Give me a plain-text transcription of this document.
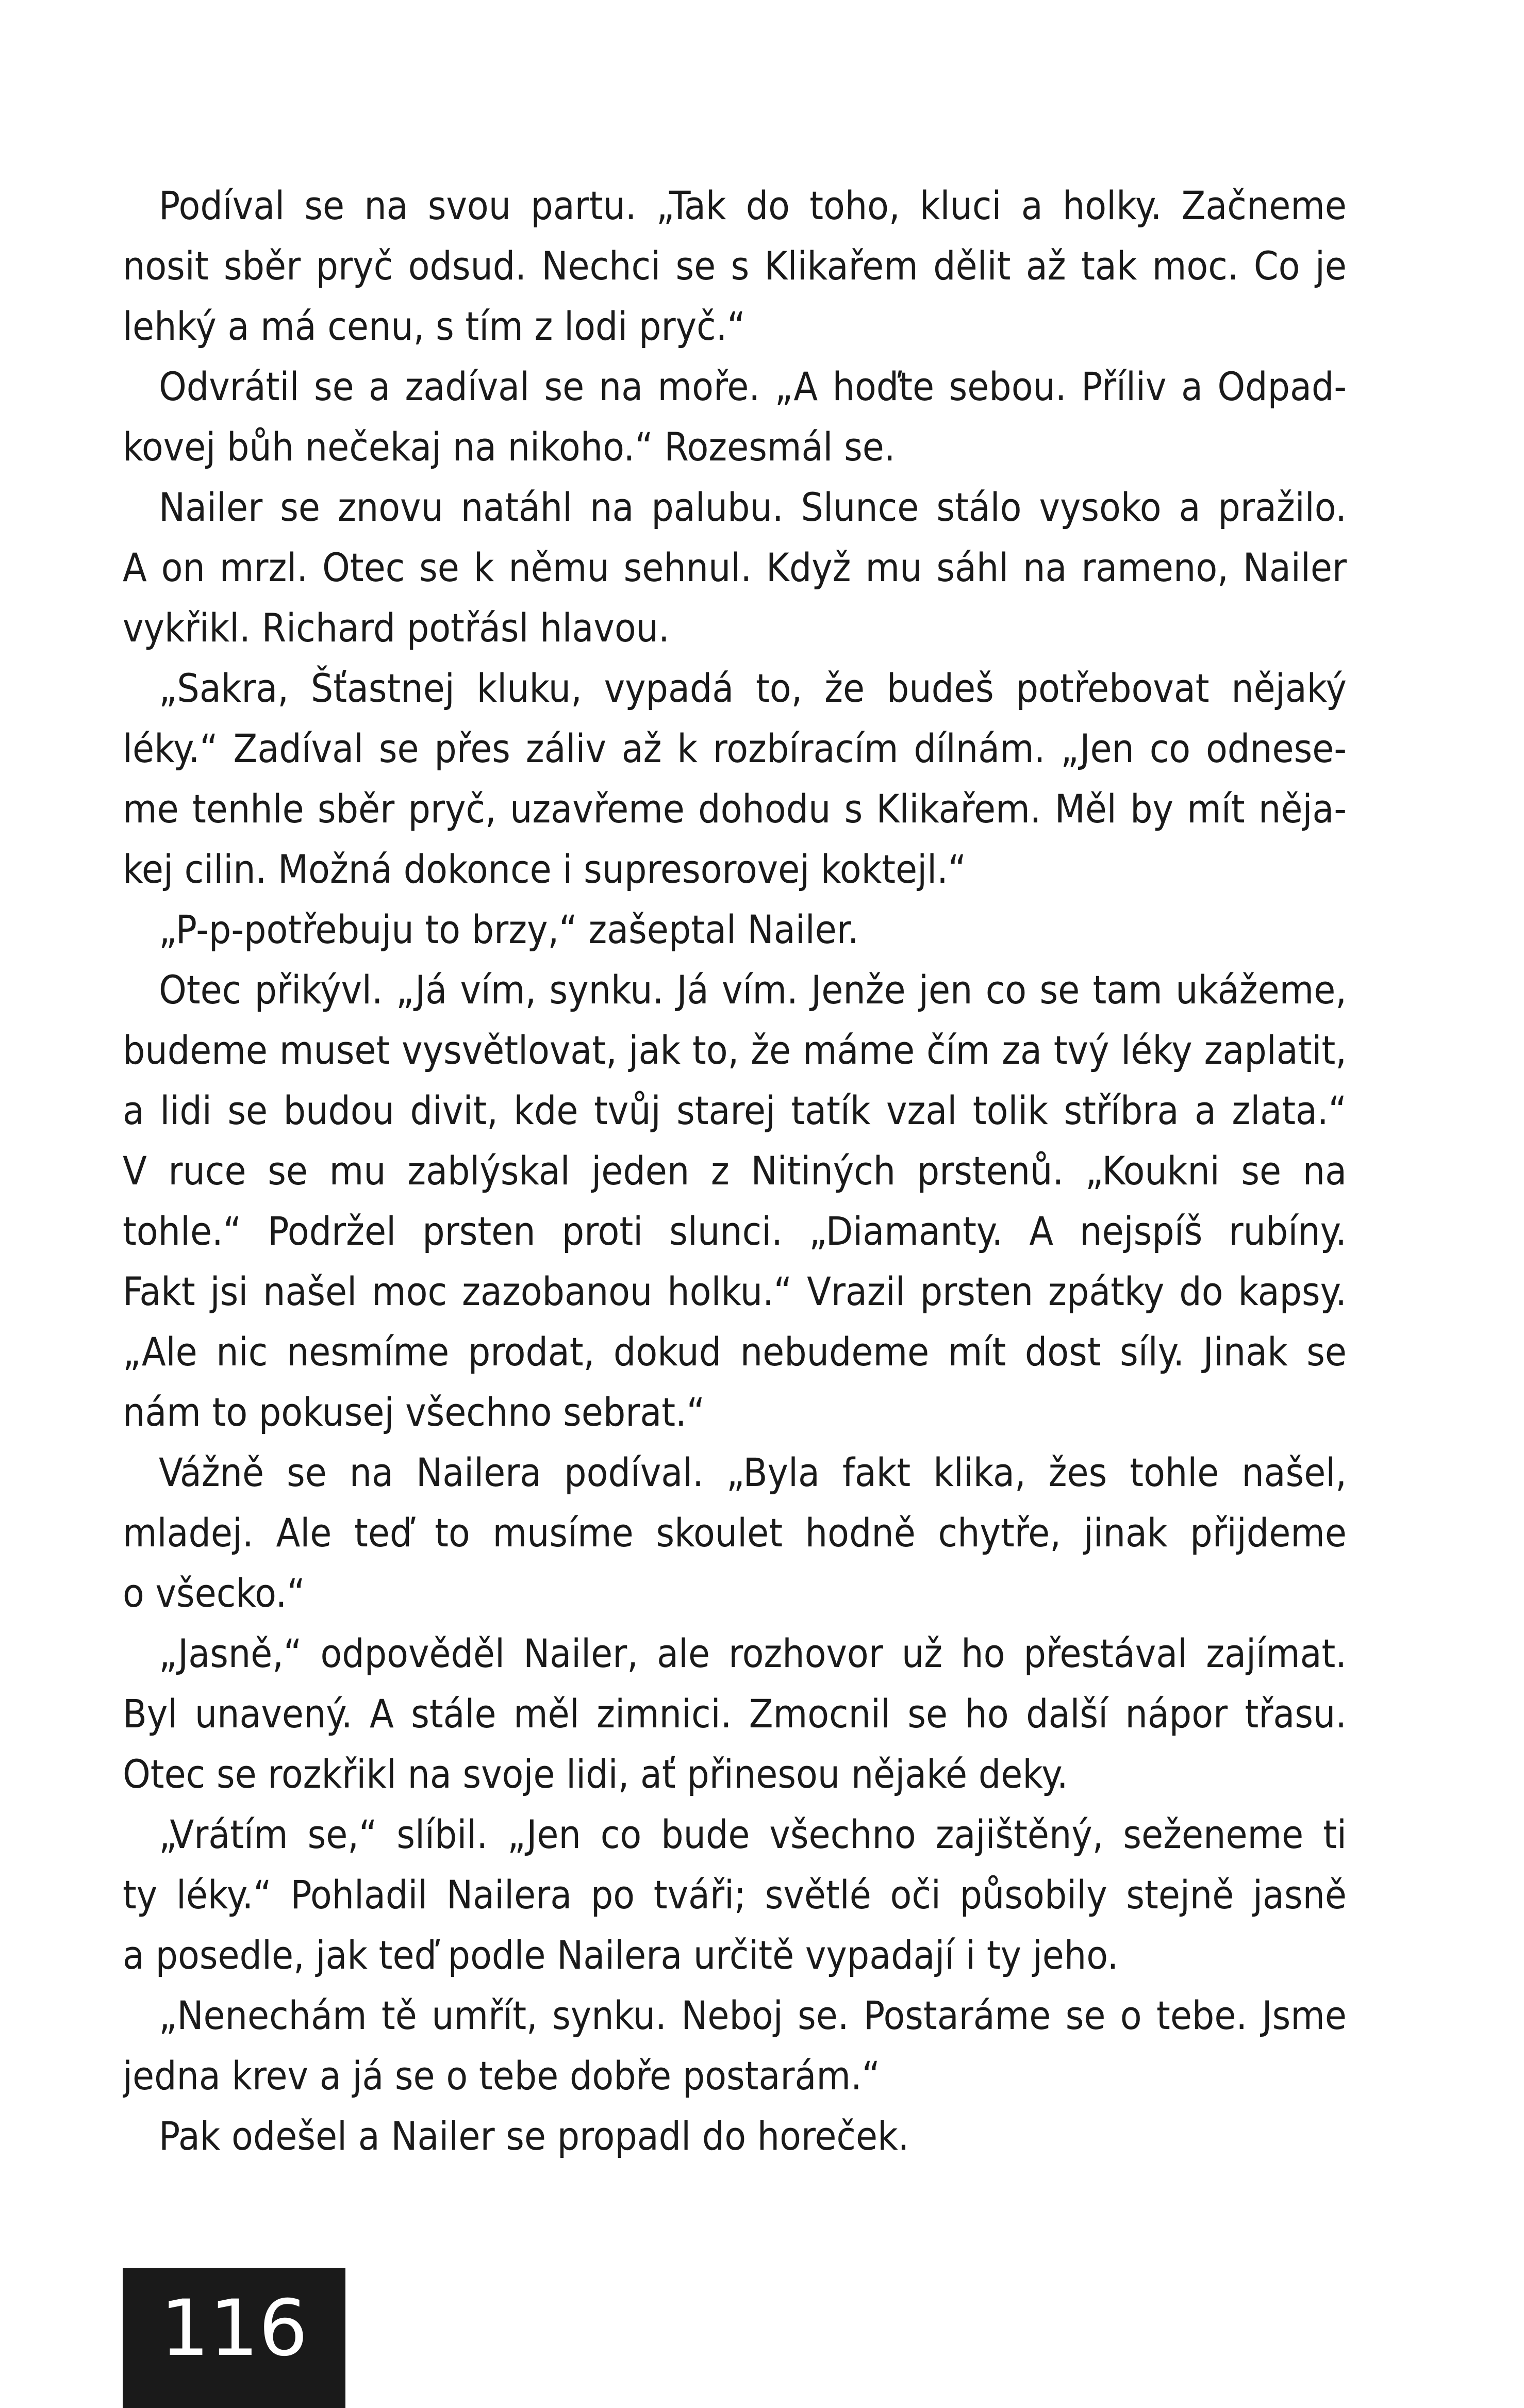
Podíval se na svou partu. „Tak do toho, kluci a holky. Začneme
nosit sběr pryč odsud. Nechci se s Klikařem dělit až tak moc. Co je
lehký a má cenu, s tím z lodi pryč.“
Odvrátil se a zadíval se na moře. „A hoďte sebou. Příliv a Odpad-
kovej bůh nečekaj na nikoho.“ Rozesmál se.
Nailer se znovu natáhl na palubu. Slunce stálo vysoko a pražilo.
A on mrzl. Otec se k němu sehnul. Když mu sáhl na rameno, Nailer
vykřikl. Richard potřásl hlavou.
„Sakra, Šťastnej kluku, vypadá to, že budeš potřebovat nějaký
léky.“ Zadíval se přes záliv až k rozbíracím dílnám. „Jen co odnese-
me tenhle sběr pryč, uzavřeme dohodu s Klikařem. Měl by mít něja-
kej cilin. Možná dokonce i supresorovej koktejl.“
„P-p-potřebuju to brzy,“ zašeptal Nailer.
Otec přikývl. „Já vím, synku. Já vím. Jenže jen co se tam ukážeme,
budeme muset vysvětlovat, jak to, že máme čím za tvý léky zaplatit,
a lidi se budou divit, kde tvůj starej tatík vzal tolik stříbra a zlata.“
V ruce se mu zablýskal jeden z Nitiných prstenů. „Koukni se na
tohle.“ Podržel prsten proti slunci. „Diamanty. A nejspíš rubíny.
Fakt jsi našel moc zazobanou holku.“ Vrazil prsten zpátky do kapsy.
„Ale nic nesmíme prodat, dokud nebudeme mít dost síly. Jinak se
nám to pokusej všechno sebrat.“
Vážně se na Nailera podíval. „Byla fakt klika, žes tohle našel,
mladej. Ale teď to musíme skoulet hodně chytře, jinak přijdeme
o všecko.“
„Jasně,“ odpověděl Nailer, ale rozhovor už ho přestával zajímat.
Byl unavený. A stále měl zimnici. Zmocnil se ho další nápor třasu.
Otec se rozkřikl na svoje lidi, ať přinesou nějaké deky.
„Vrátím se,“ slíbil. „Jen co bude všechno zajištěný, seženeme ti
ty léky.“ Pohladil Nailera po tváři; světlé oči působily stejně jasně
a posedle, jak teď podle Nailera určitě vypadají i ty jeho.
„Nenechám tě umřít, synku. Neboj se. Postaráme se o tebe. Jsme
jedna krev a já se o tebe dobře postarám.“
Pak odešel a Nailer se propadl do horeček.
116
